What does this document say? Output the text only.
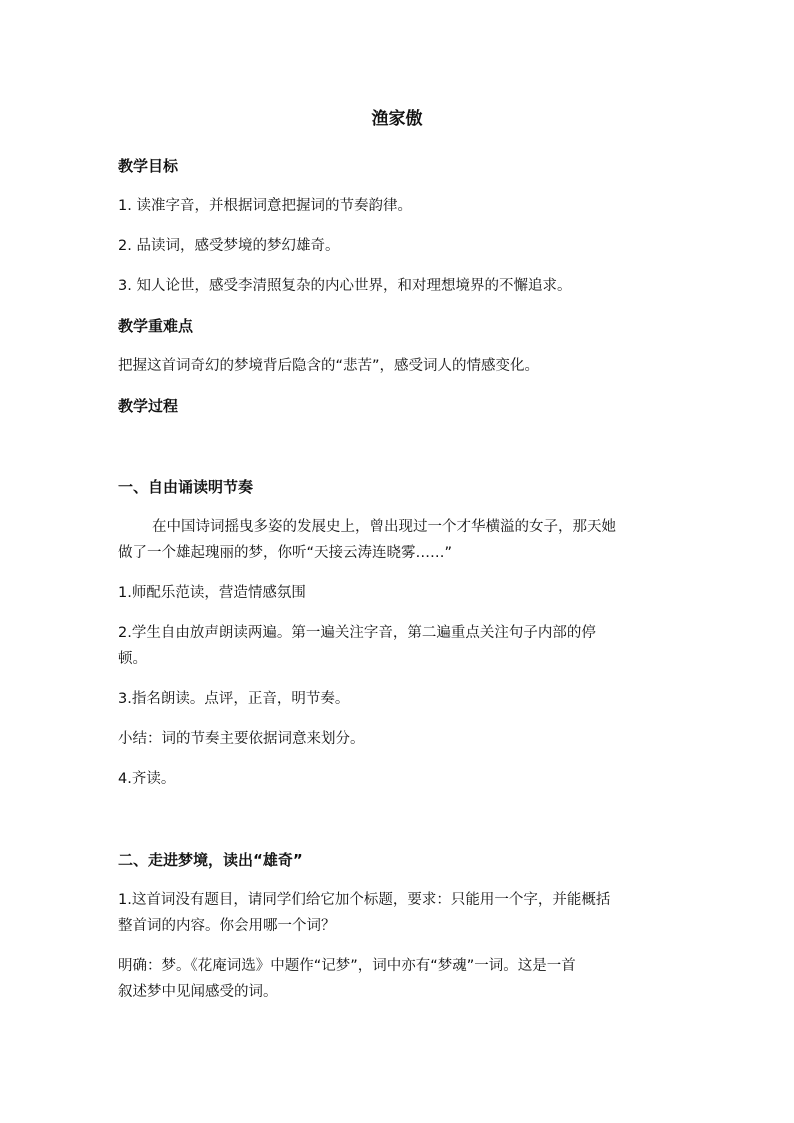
渔家傲
教学目标
1. 读准字音，并根据词意把握词的节奏韵律。
2. 品读词，感受梦境的梦幻雄奇。
3. 知人论世，感受李清照复杂的内心世界，和对理想境界的不懈追求。
教学重难点
把握这首词奇幻的梦境背后隐含的“悲苦”，感受词人的情感变化。
教学过程
一、自由诵读明节奏
在中国诗词摇曳多姿的发展史上，曾出现过一个才华横溢的女子，那天她
做了一个雄起瑰丽的梦，你听“天接云涛连晓雾……”
1.师配乐范读，营造情感氛围
2.学生自由放声朗读两遍。第一遍关注字音，第二遍重点关注句子内部的停
顿。
3.指名朗读。点评，正音，明节奏。
小结：词的节奏主要依据词意来划分。
4.齐读。
二、走进梦境，读出“雄奇”
1.这首词没有题目，请同学们给它加个标题，要求：只能用一个字，并能概括
整首词的内容。你会用哪一个词？
明确：梦。《花庵词选》中题作“记梦”，词中亦有“梦魂”一词。这是一首
叙述梦中见闻感受的词。
